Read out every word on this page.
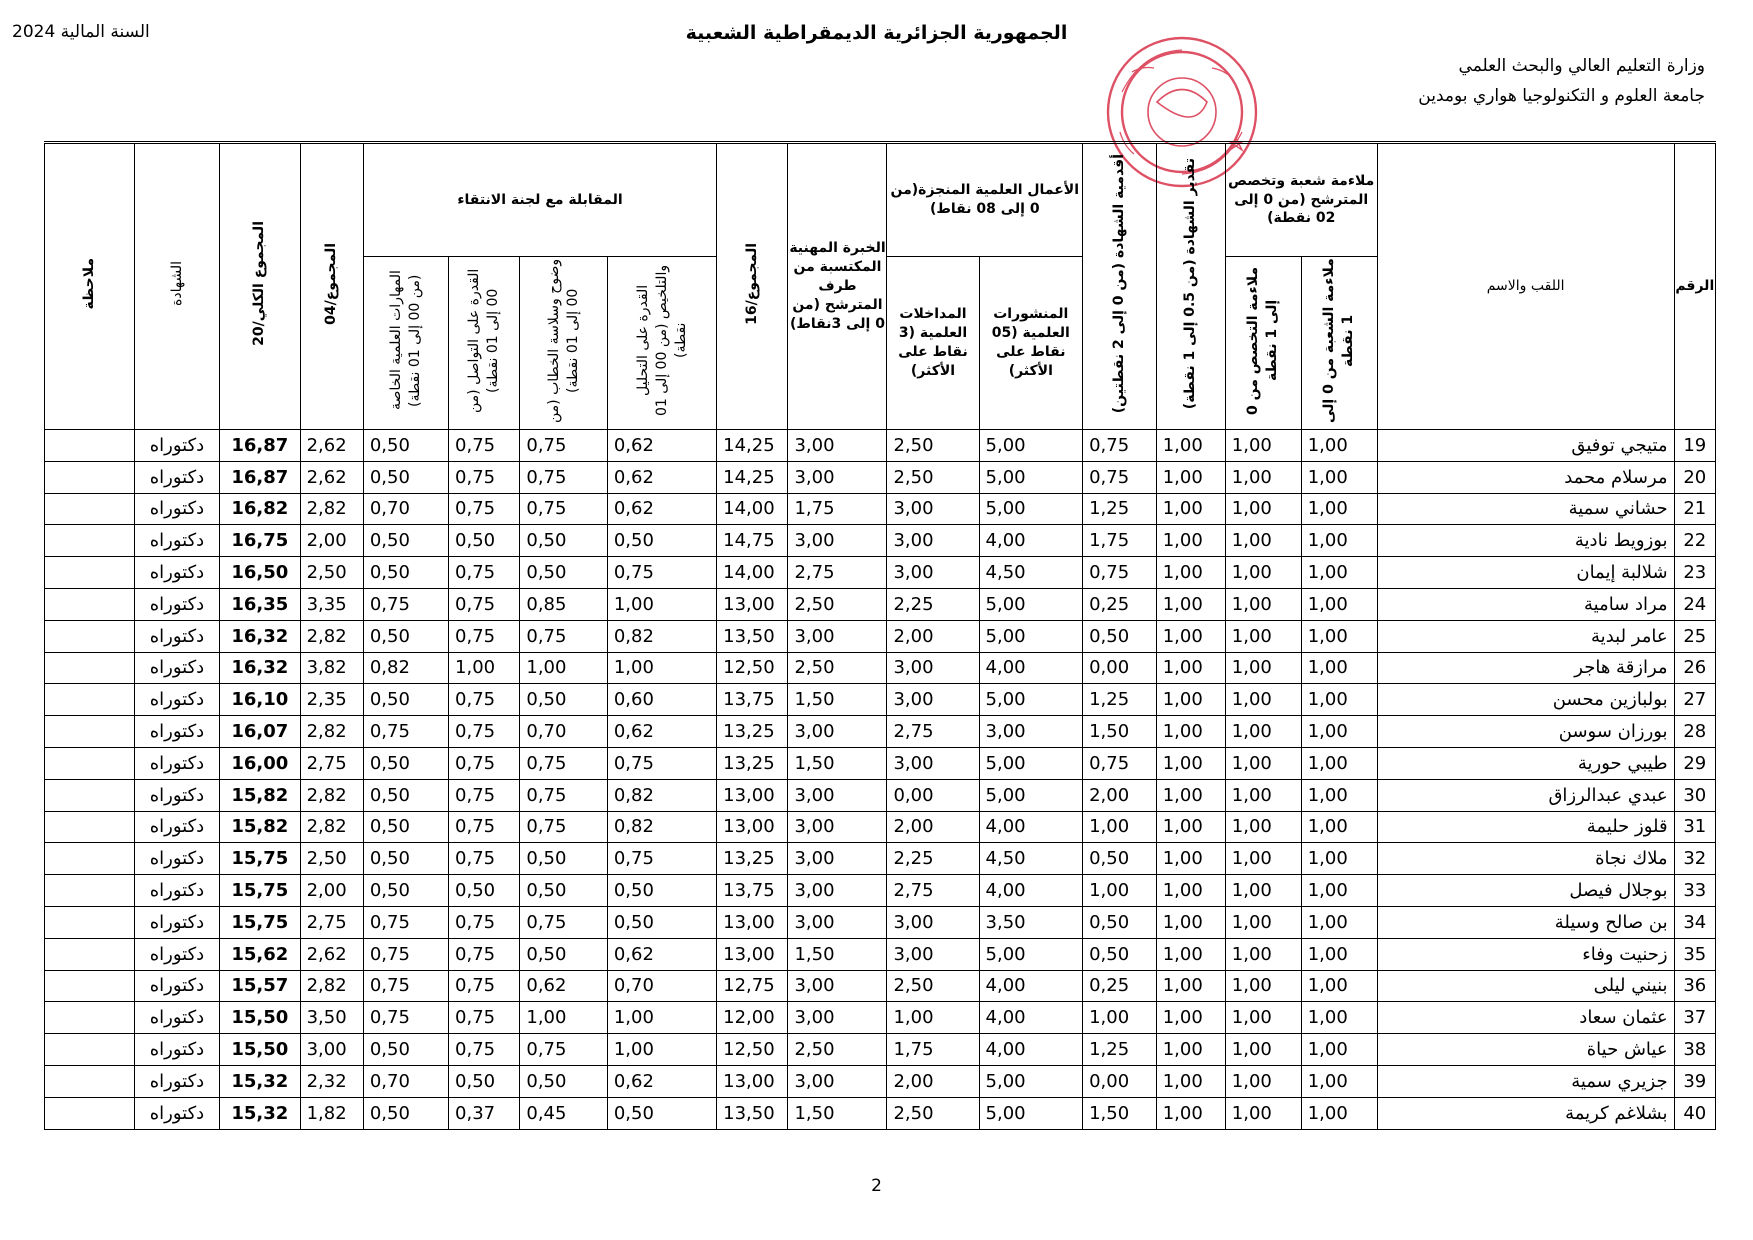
الجمهورية الجزائرية الديمقراطية الشعبية
السنة المالية 2024
وزارة التعليم العالي والبحث العلمي
جامعة العلوم و التكنولوجيا هواري بومدين
الرقم	اللقب والاسم	ملاءمة شعبة وتخصص المترشح (من 0 إلى 02 نقطة)		تقدير الشهادة (من 0.5 إلى 1 نقطة)	أقدمية الشهادة (من 0 إلى 2 نقطتين)	الأعمال العلمية المنجزة(من 0 إلى 08 نقاط)		الخبرة المهنية المكتسبة من طرف المترشح (من 0 إلى 3نقاط)	المجموع/16	المقابلة مع لجنة الانتقاء				المجموع/04	المجموع الكلي/20	الشهادة	ملاحظة
		ملاءمة الشعبة من 0 إلى 1 نقطة	ملاءمة التخصص من 0 إلى 1 نقطة			المنشورات العلمية (05 نقاط على الأكثر)	المداخلات العلمية (3 نقاط على الأكثر)			القدرة على التحليل والتلخيص (من 00 إلى 01 نقطة)	وضوح وسلاسة الخطاب (من 00 إلى 01 نقطة)	القدرة على التواصل (من 00 إلى 01 نقطة)	المهارات العلمية الخاصة (من 00 إلى 01 نقطة)				
19	متيجي توفيق	1,00	1,00	1,00	0,75	5,00	2,50	3,00	14,25	0,62	0,75	0,75	0,50	2,62	16,87	دكتوراه	
20	مرسلام محمد	1,00	1,00	1,00	0,75	5,00	2,50	3,00	14,25	0,62	0,75	0,75	0,50	2,62	16,87	دكتوراه	
21	حشاني سمية	1,00	1,00	1,00	1,25	5,00	3,00	1,75	14,00	0,62	0,75	0,75	0,70	2,82	16,82	دكتوراه	
22	بوزويط نادية	1,00	1,00	1,00	1,75	4,00	3,00	3,00	14,75	0,50	0,50	0,50	0,50	2,00	16,75	دكتوراه	
23	شلالبة إيمان	1,00	1,00	1,00	0,75	4,50	3,00	2,75	14,00	0,75	0,50	0,75	0,50	2,50	16,50	دكتوراه	
24	مراد سامية	1,00	1,00	1,00	0,25	5,00	2,25	2,50	13,00	1,00	0,85	0,75	0,75	3,35	16,35	دكتوراه	
25	عامر لبدية	1,00	1,00	1,00	0,50	5,00	2,00	3,00	13,50	0,82	0,75	0,75	0,50	2,82	16,32	دكتوراه	
26	مرازقة هاجر	1,00	1,00	1,00	0,00	4,00	3,00	2,50	12,50	1,00	1,00	1,00	0,82	3,82	16,32	دكتوراه	
27	بولبازين محسن	1,00	1,00	1,00	1,25	5,00	3,00	1,50	13,75	0,60	0,50	0,75	0,50	2,35	16,10	دكتوراه	
28	بورزان سوسن	1,00	1,00	1,00	1,50	3,00	2,75	3,00	13,25	0,62	0,70	0,75	0,75	2,82	16,07	دكتوراه	
29	طيبي حورية	1,00	1,00	1,00	0,75	5,00	3,00	1,50	13,25	0,75	0,75	0,75	0,50	2,75	16,00	دكتوراه	
30	عبدي عبدالرزاق	1,00	1,00	1,00	2,00	5,00	0,00	3,00	13,00	0,82	0,75	0,75	0,50	2,82	15,82	دكتوراه	
31	قلوز حليمة	1,00	1,00	1,00	1,00	4,00	2,00	3,00	13,00	0,82	0,75	0,75	0,50	2,82	15,82	دكتوراه	
32	ملاك نجاة	1,00	1,00	1,00	0,50	4,50	2,25	3,00	13,25	0,75	0,50	0,75	0,50	2,50	15,75	دكتوراه	
33	بوجلال فيصل	1,00	1,00	1,00	1,00	4,00	2,75	3,00	13,75	0,50	0,50	0,50	0,50	2,00	15,75	دكتوراه	
34	بن صالح وسيلة	1,00	1,00	1,00	0,50	3,50	3,00	3,00	13,00	0,50	0,75	0,75	0,75	2,75	15,75	دكتوراه	
35	زحنيت وفاء	1,00	1,00	1,00	0,50	5,00	3,00	1,50	13,00	0,62	0,50	0,75	0,75	2,62	15,62	دكتوراه	
36	بنيني ليلى	1,00	1,00	1,00	0,25	4,00	2,50	3,00	12,75	0,70	0,62	0,75	0,75	2,82	15,57	دكتوراه	
37	عثمان سعاد	1,00	1,00	1,00	1,00	4,00	1,00	3,00	12,00	1,00	1,00	0,75	0,75	3,50	15,50	دكتوراه	
38	عياش حياة	1,00	1,00	1,00	1,25	4,00	1,75	2,50	12,50	1,00	0,75	0,75	0,50	3,00	15,50	دكتوراه	
39	جزيري سمية	1,00	1,00	1,00	0,00	5,00	2,00	3,00	13,00	0,62	0,50	0,50	0,70	2,32	15,32	دكتوراه	
40	بشلاغم كريمة	1,00	1,00	1,00	1,50	5,00	2,50	1,50	13,50	0,50	0,45	0,37	0,50	1,82	15,32	دكتوراه	
2
